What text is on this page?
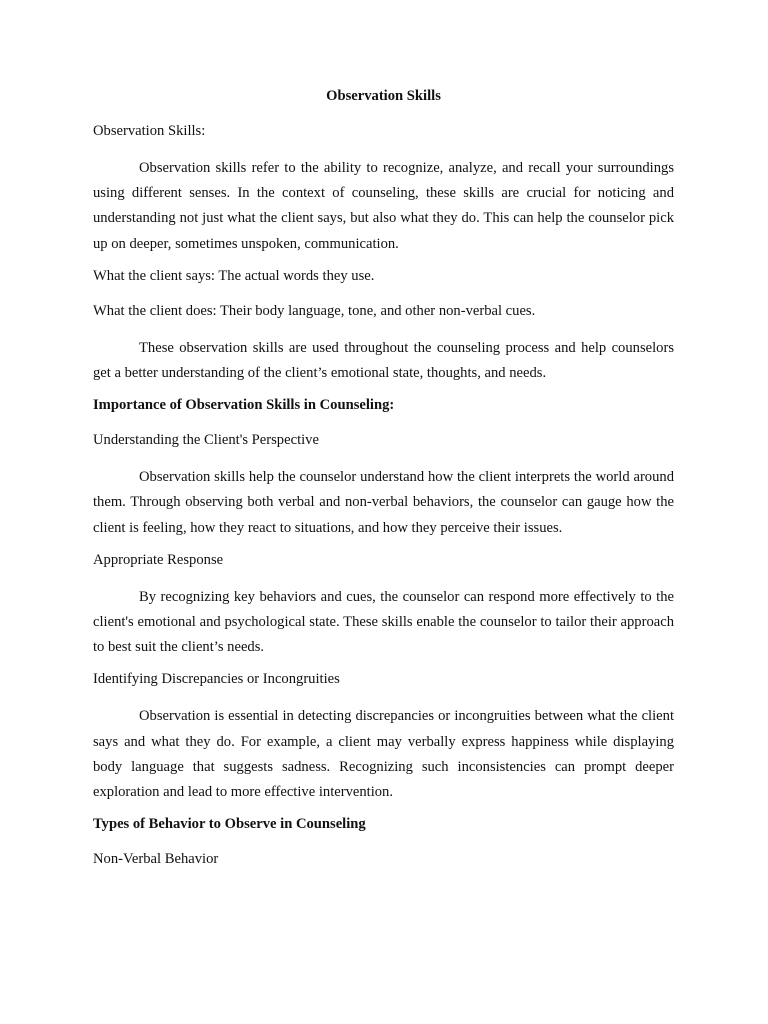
Observation Skills

Observation Skills:

Observation skills refer to the ability to recognize, analyze, and recall your surroundings using different senses. In the context of counseling, these skills are crucial for noticing and understanding not just what the client says, but also what they do. This can help the counselor pick up on deeper, sometimes unspoken, communication.

What the client says: The actual words they use.

What the client does: Their body language, tone, and other non-verbal cues.

These observation skills are used throughout the counseling process and help counselors get a better understanding of the client’s emotional state, thoughts, and needs.

Importance of Observation Skills in Counseling:

Understanding the Client's Perspective

Observation skills help the counselor understand how the client interprets the world around them. Through observing both verbal and non-verbal behaviors, the counselor can gauge how the client is feeling, how they react to situations, and how they perceive their issues.

Appropriate Response

By recognizing key behaviors and cues, the counselor can respond more effectively to the client's emotional and psychological state. These skills enable the counselor to tailor their approach to best suit the client’s needs.

Identifying Discrepancies or Incongruities

Observation is essential in detecting discrepancies or incongruities between what the client says and what they do. For example, a client may verbally express happiness while displaying body language that suggests sadness. Recognizing such inconsistencies can prompt deeper exploration and lead to more effective intervention.

Types of Behavior to Observe in Counseling

Non-Verbal Behavior
